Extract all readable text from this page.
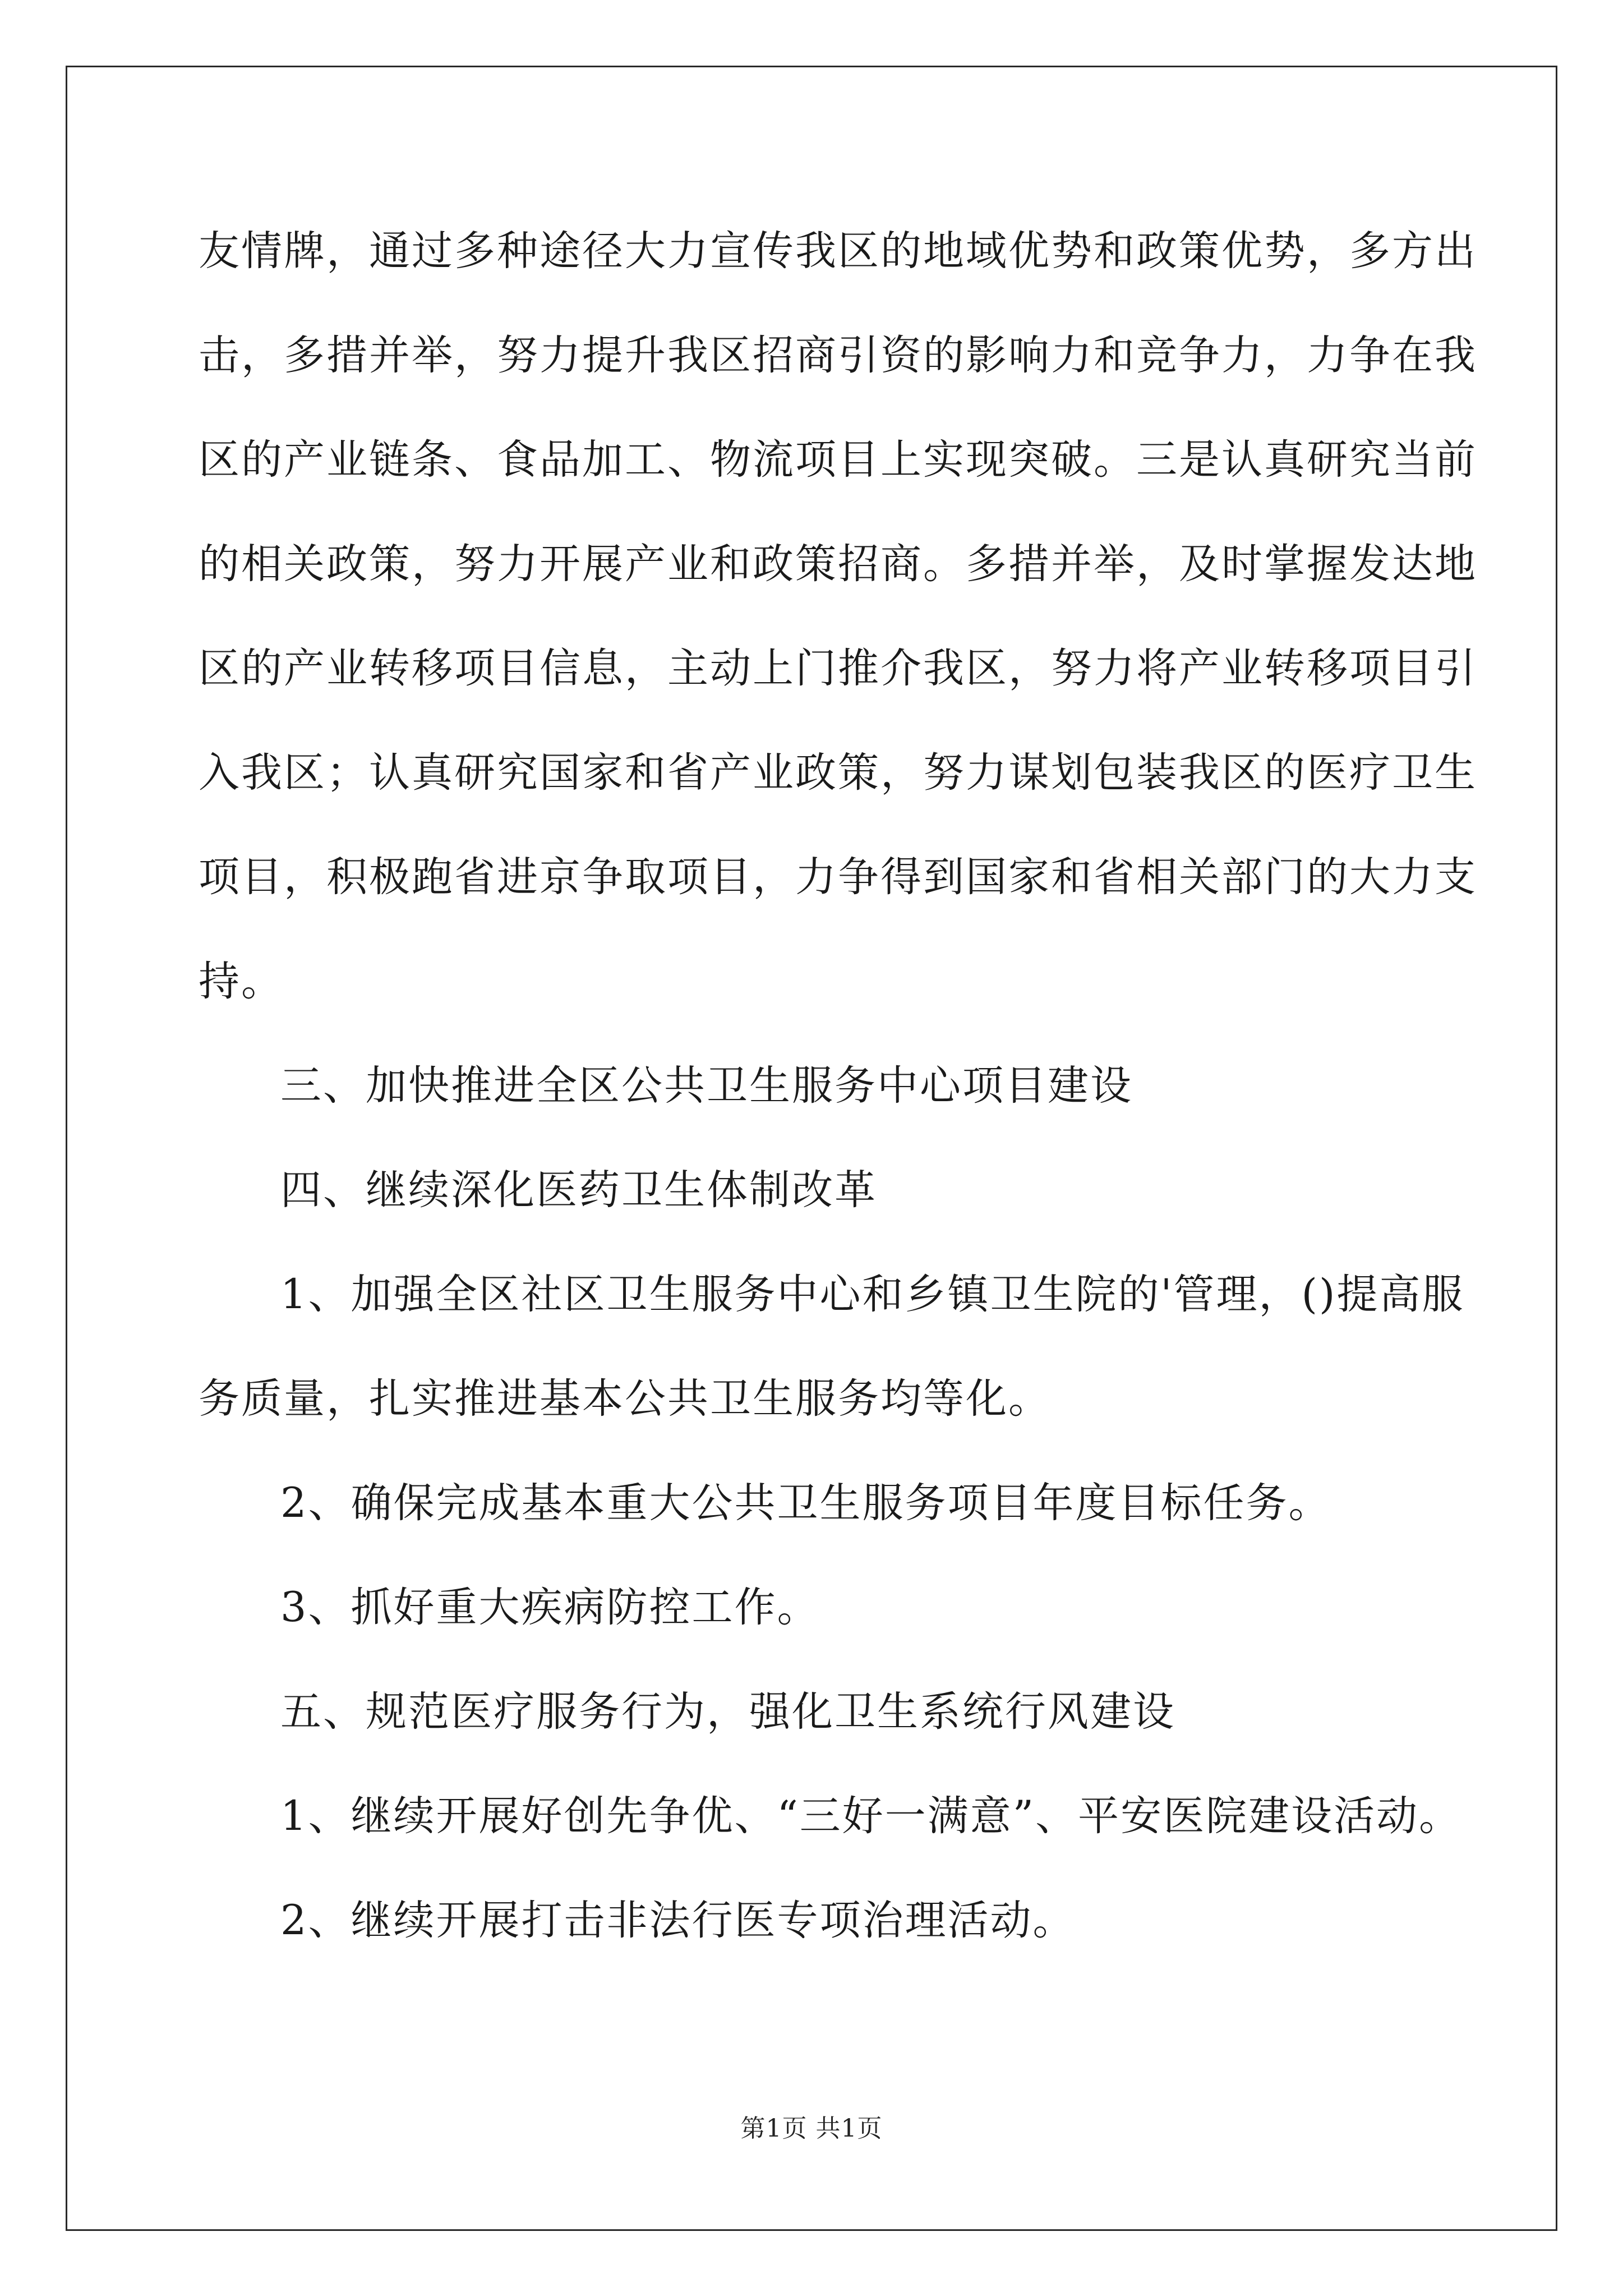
友情牌，通过多种途径大力宣传我区的地域优势和政策优势，多方出

击，多措并举，努力提升我区招商引资的影响力和竞争力，力争在我

区的产业链条、食品加工、物流项目上实现突破。三是认真研究当前

的相关政策，努力开展产业和政策招商。多措并举，及时掌握发达地

区的产业转移项目信息，主动上门推介我区，努力将产业转移项目引

入我区；认真研究国家和省产业政策，努力谋划包装我区的医疗卫生

项目，积极跑省进京争取项目，力争得到国家和省相关部门的大力支

持。

三、加快推进全区公共卫生服务中心项目建设

四、继续深化医药卫生体制改革

1、加强全区社区卫生服务中心和乡镇卫生院的'管理，()提高服

务质量，扎实推进基本公共卫生服务均等化。

2、确保完成基本重大公共卫生服务项目年度目标任务。

3、抓好重大疾病防控工作。

五、规范医疗服务行为，强化卫生系统行风建设

1、继续开展好创先争优、“三好一满意”、平安医院建设活动。

2、继续开展打击非法行医专项治理活动。

第1页 共1页
